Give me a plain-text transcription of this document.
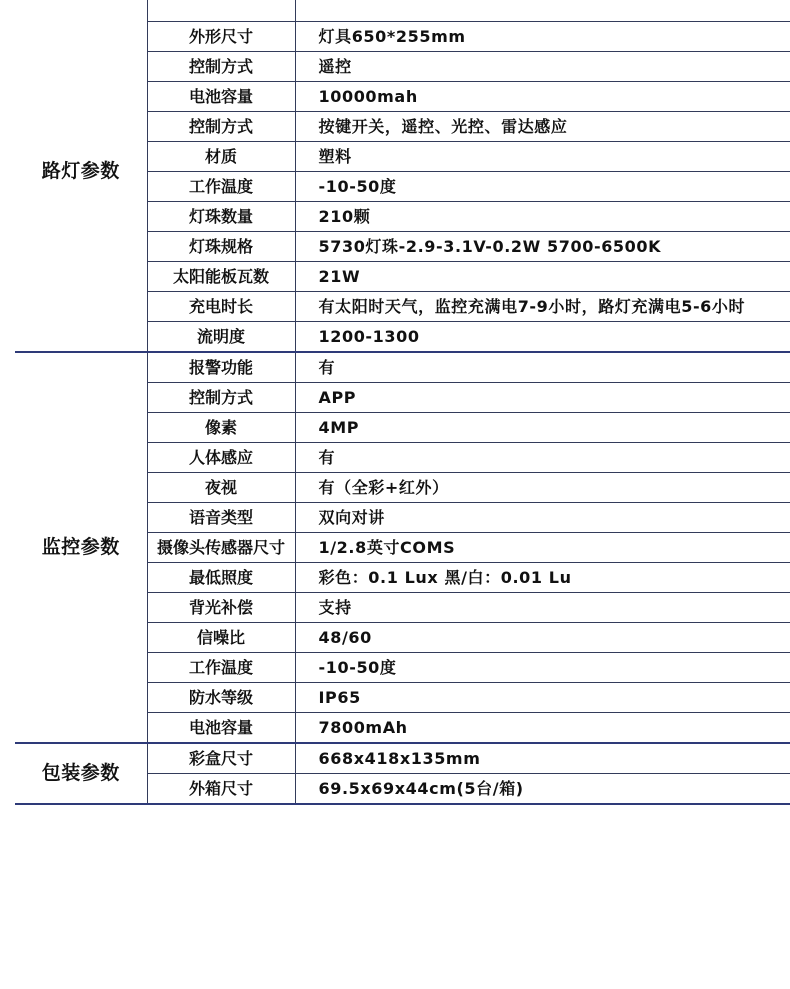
路灯参数		
	外形尺寸	灯具650*255mm
	控制方式	遥控
	电池容量	10000mah
	控制方式	按键开关，遥控、光控、雷达感应
	材质	塑料
	工作温度	-10-50度
	灯珠数量	210颗
	灯珠规格	5730灯珠-2.9-3.1V-0.2W 5700-6500K
	太阳能板瓦数	21W
	充电时长	有太阳时天气，监控充满电7-9小时，路灯充满电5-6小时
	流明度	1200-1300
监控参数	报警功能	有
	控制方式	APP
	像素	4MP
	人体感应	有
	夜视	有（全彩+红外）
	语音类型	双向对讲
	摄像头传感器尺寸	1/2.8英寸COMS
	最低照度	彩色：0.1 Lux 黑/白：0.01 Lu
	背光补偿	支持
	信噪比	48/60
	工作温度	-10-50度
	防水等级	IP65
	电池容量	7800mAh
包装参数	彩盒尺寸	668x418x135mm
	外箱尺寸	69.5x69x44cm(5台/箱)
